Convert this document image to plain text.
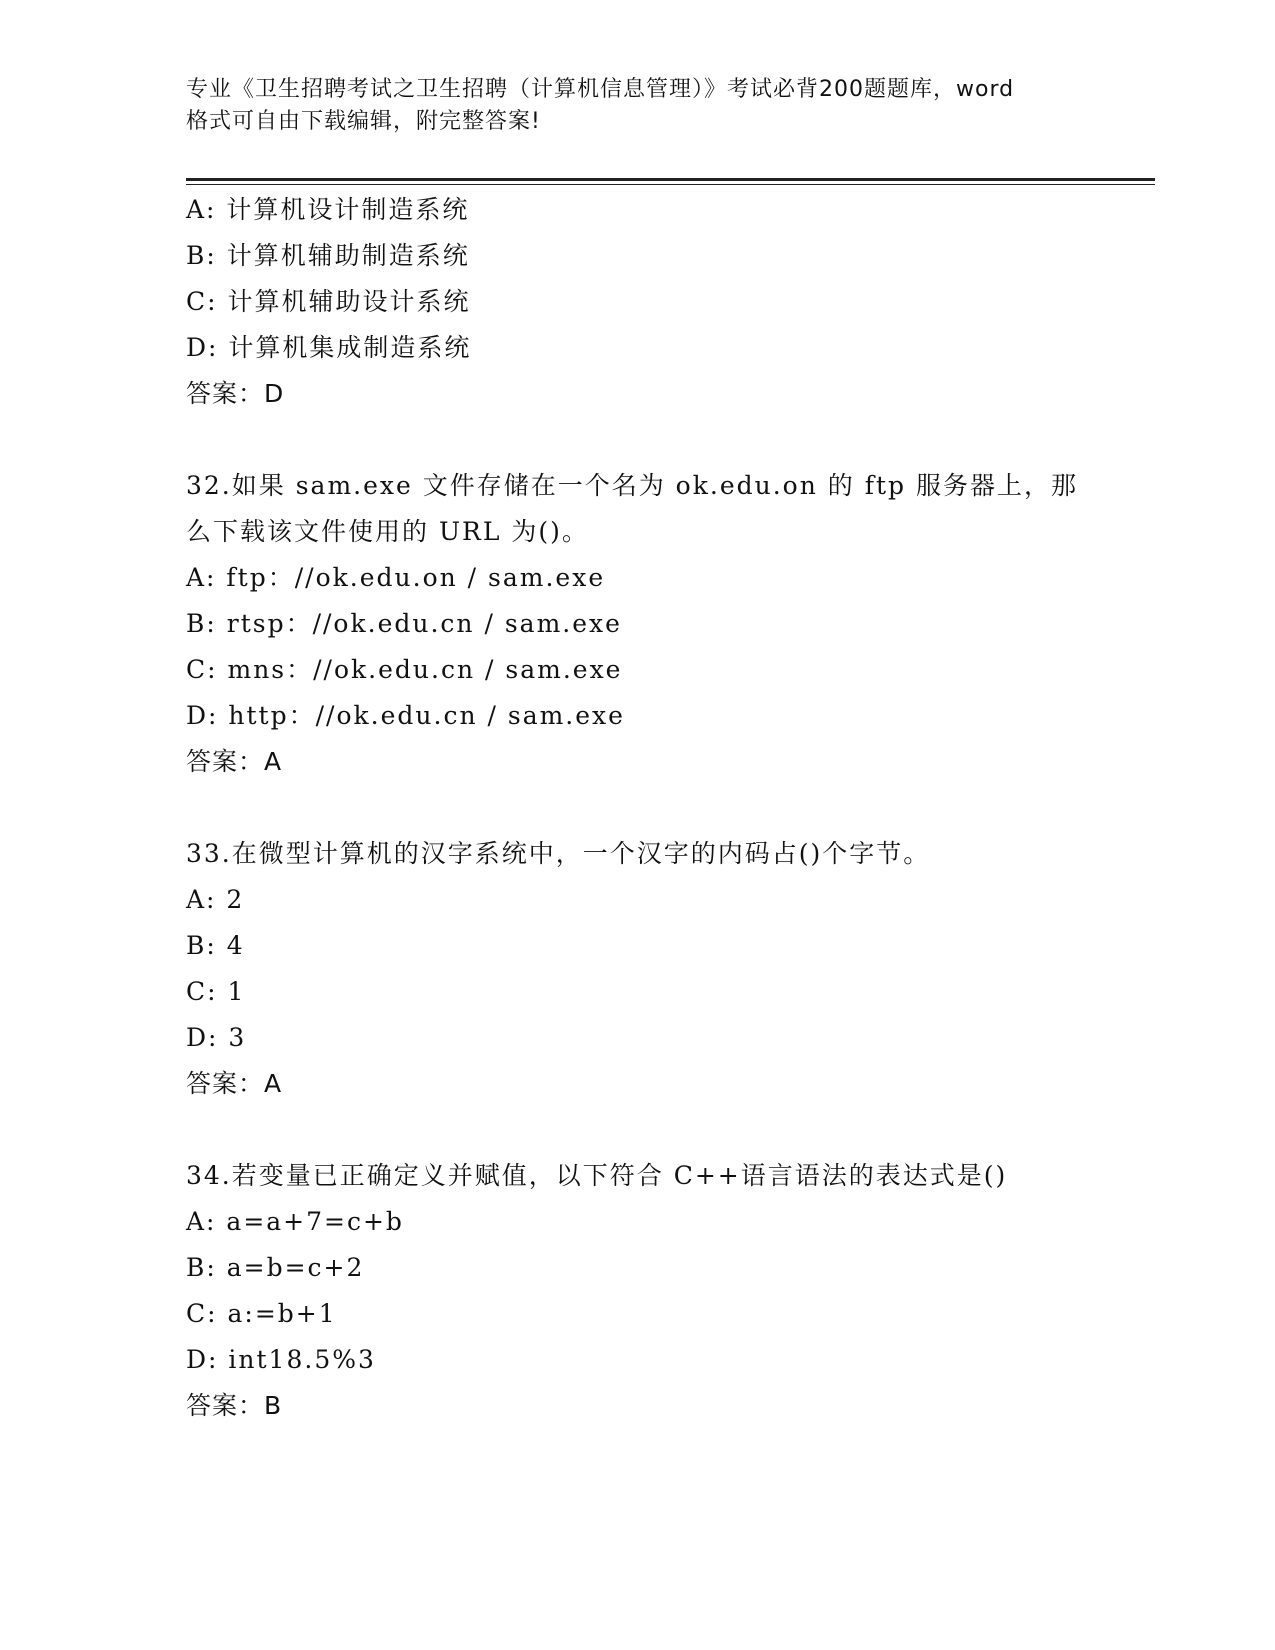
专业《卫生招聘考试之卫生招聘（计算机信息管理）》考试必背200题题库，word
格式可自由下载编辑，附完整答案!
A: 计算机设计制造系统
B: 计算机辅助制造系统
C: 计算机辅助设计系统
D: 计算机集成制造系统
答案：D
32.如果 sam.exe 文件存储在一个名为 ok.edu.on 的 ftp 服务器上，那
么下载该文件使用的 URL 为()。
A: ftp：//ok.edu.on / sam.exe
B: rtsp：//ok.edu.cn / sam.exe
C: mns：//ok.edu.cn / sam.exe
D: http：//ok.edu.cn / sam.exe
答案：A
33.在微型计算机的汉字系统中，一个汉字的内码占()个字节。
A: 2
B: 4
C: 1
D: 3
答案：A
34.若变量已正确定义并赋值，以下符合 C++语言语法的表达式是()
A: a=a+7=c+b
B: a=b=c+2
C: a:=b+1
D: int18.5%3
答案：B
